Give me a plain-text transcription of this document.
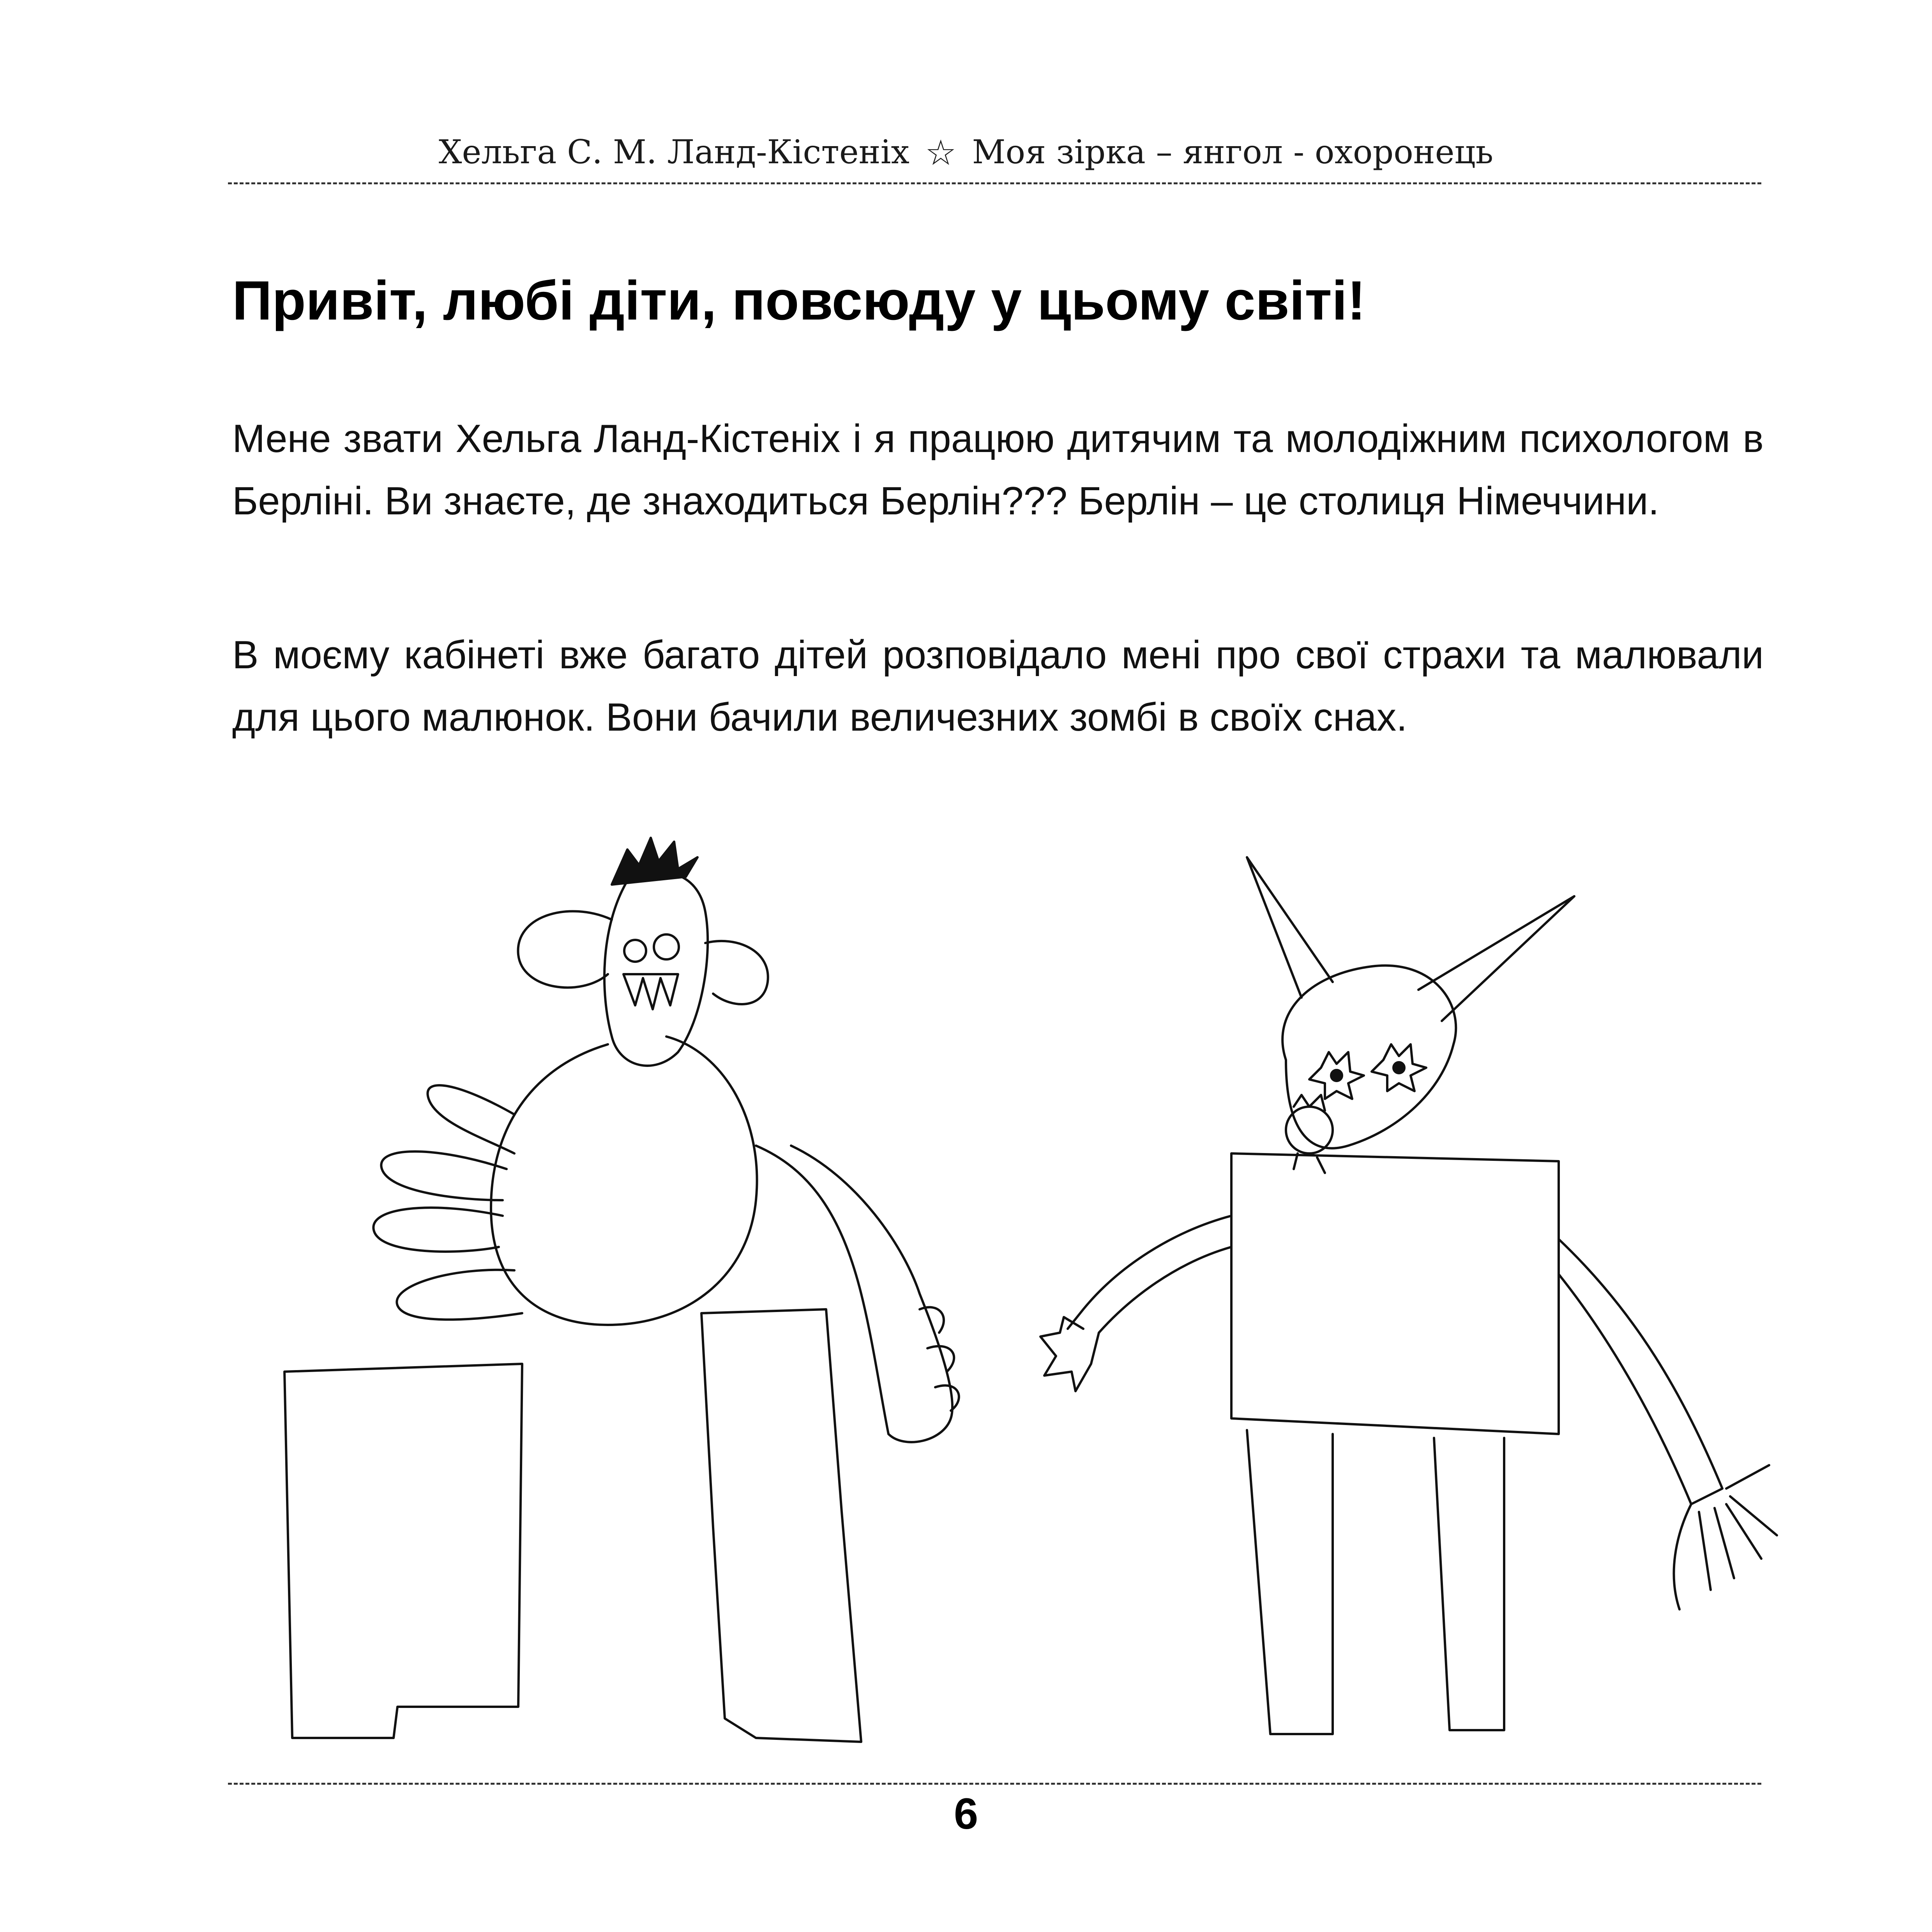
Хельга С. М. Ланд-Кістеніх ☆ Моя зірка – янгол - охоронець
Привіт, любі діти, повсюду у цьому світі!

Мене звати Хельга Ланд-Кістеніх і я працюю дитячим та молодіжним психологом в Берліні. Ви знаєте, де знаходиться Берлін??? Берлін – це столиця Німеччини.

В моєму кабінеті вже багато дітей розповідало мені про свої страхи та малювали для цього малюнок. Вони бачили величезних зомбі в своїх снах.

6
